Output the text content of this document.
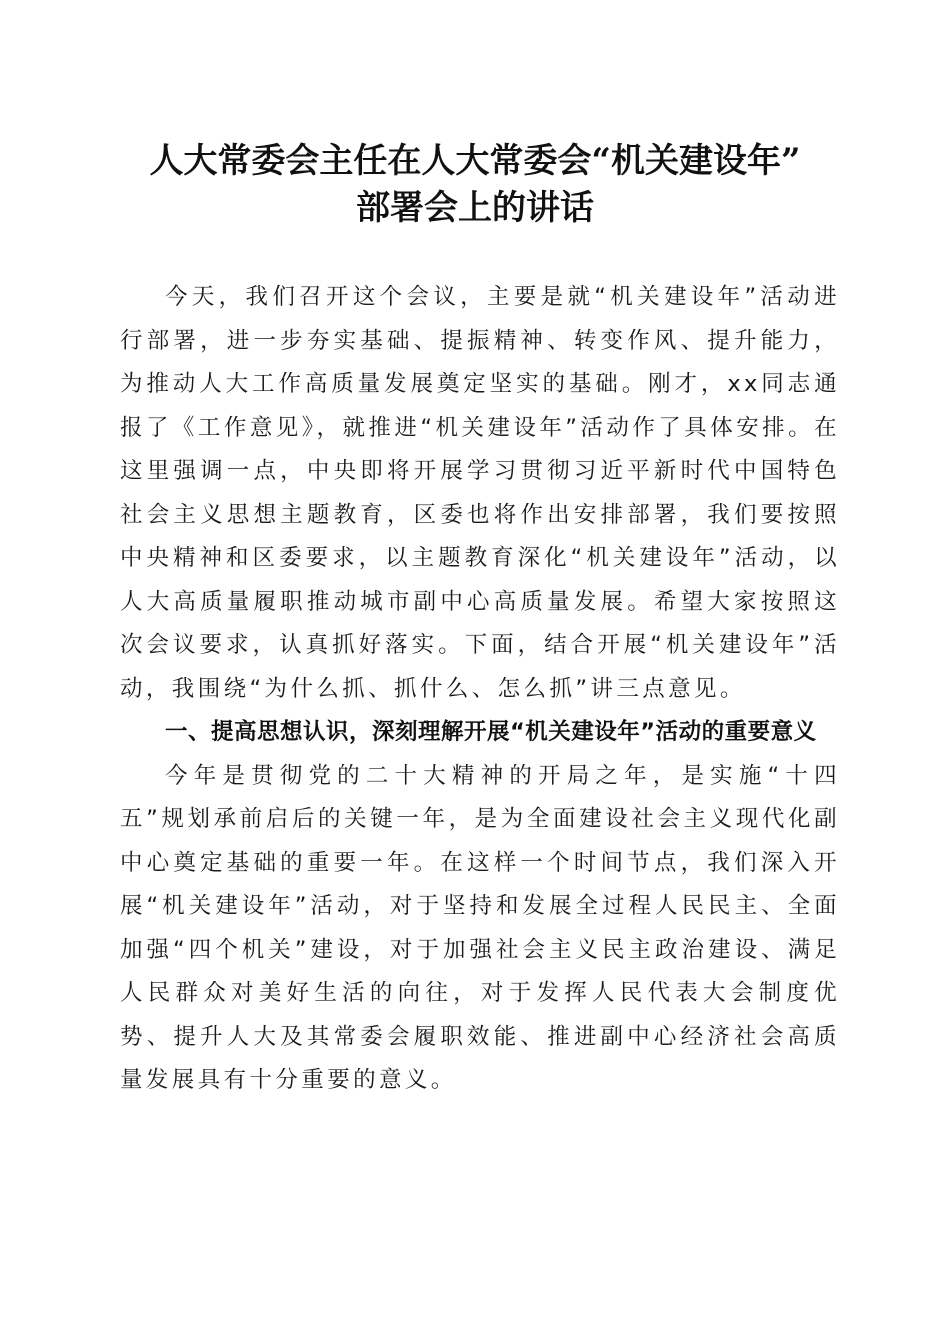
人大常委会主任在人大常委会“机关建设年”
部署会上的讲话

今天，我们召开这个会议，主要是就“机关建设年”活动进行部署，进一步夯实基础、提振精神、转变作风、提升能力，为推动人大工作高质量发展奠定坚实的基础。刚才，xx同志通报了《工作意见》，就推进“机关建设年”活动作了具体安排。在这里强调一点，中央即将开展学习贯彻习近平新时代中国特色社会主义思想主题教育，区委也将作出安排部署，我们要按照中央精神和区委要求，以主题教育深化“机关建设年”活动，以人大高质量履职推动城市副中心高质量发展。希望大家按照这次会议要求，认真抓好落实。下面，结合开展“机关建设年”活动，我围绕“为什么抓、抓什么、怎么抓”讲三点意见。

一、提高思想认识，深刻理解开展“机关建设年”活动的重要意义

今年是贯彻党的二十大精神的开局之年，是实施“十四五”规划承前启后的关键一年，是为全面建设社会主义现代化副中心奠定基础的重要一年。在这样一个时间节点，我们深入开展“机关建设年”活动，对于坚持和发展全过程人民民主、全面加强“四个机关”建设，对于加强社会主义民主政治建设、满足人民群众对美好生活的向往，对于发挥人民代表大会制度优势、提升人大及其常委会履职效能、推进副中心经济社会高质量发展具有十分重要的意义。
